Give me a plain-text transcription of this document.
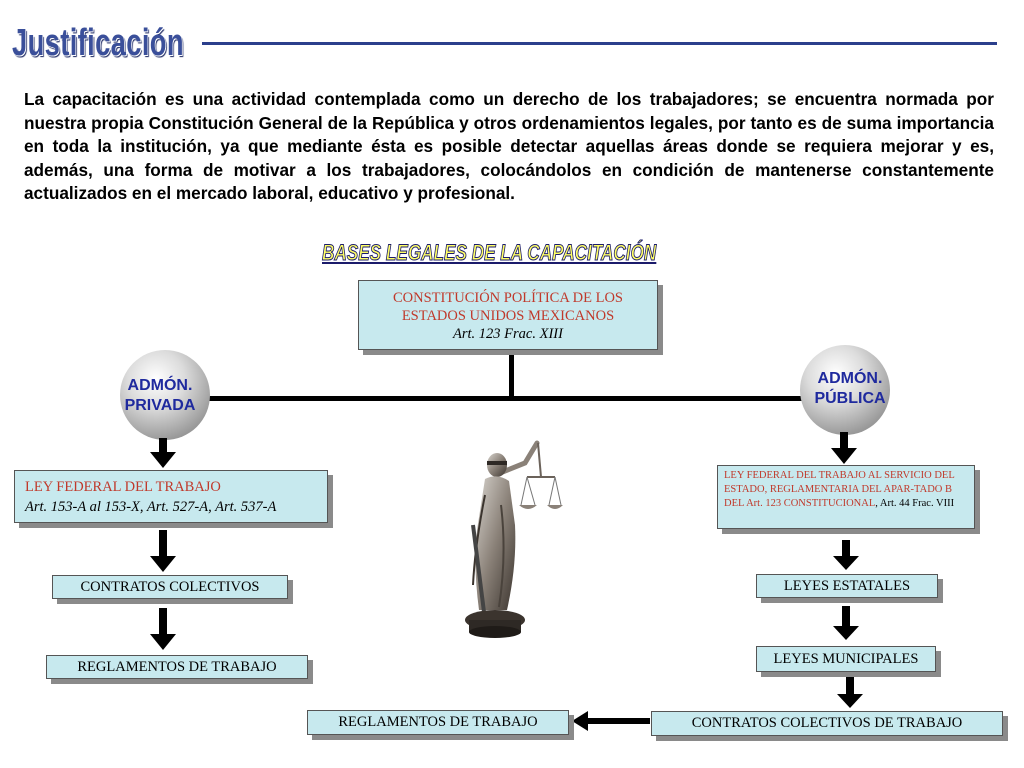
Justificación

La capacitación es una actividad contemplada como un derecho de los trabajadores; se encuentra normada por nuestra propia Constitución General de la República y otros ordenamientos legales, por tanto es de suma importancia en toda la institución, ya que mediante ésta es posible detectar aquellas áreas donde se requiera mejorar y es, además, una forma de motivar a los trabajadores, colocándolos en condición de mantenerse constantemente actualizados en el mercado laboral, educativo y profesional.

BASES LEGALES DE LA CAPACITACIÓN
CONSTITUCIÓN POLÍTICA DE LOS
ESTADOS UNIDOS MEXICANOS
Art. 123 Frac. XIII
ADMÓN.
PRIVADA
ADMÓN.
PÚBLICA
LEY FEDERAL DEL TRABAJO
Art. 153-A al 153-X, Art. 527-A, Art. 537-A
CONTRATOS COLECTIVOS
REGLAMENTOS DE TRABAJO
LEY FEDERAL DEL TRABAJO AL SERVICIO DEL ESTADO, REGLAMENTARIA DEL APAR-TADO B DEL Art. 123 CONSTITUCIONAL, Art. 44 Frac. VIII
LEYES ESTATALES
LEYES MUNICIPALES
CONTRATOS COLECTIVOS DE TRABAJO
REGLAMENTOS DE TRABAJO
